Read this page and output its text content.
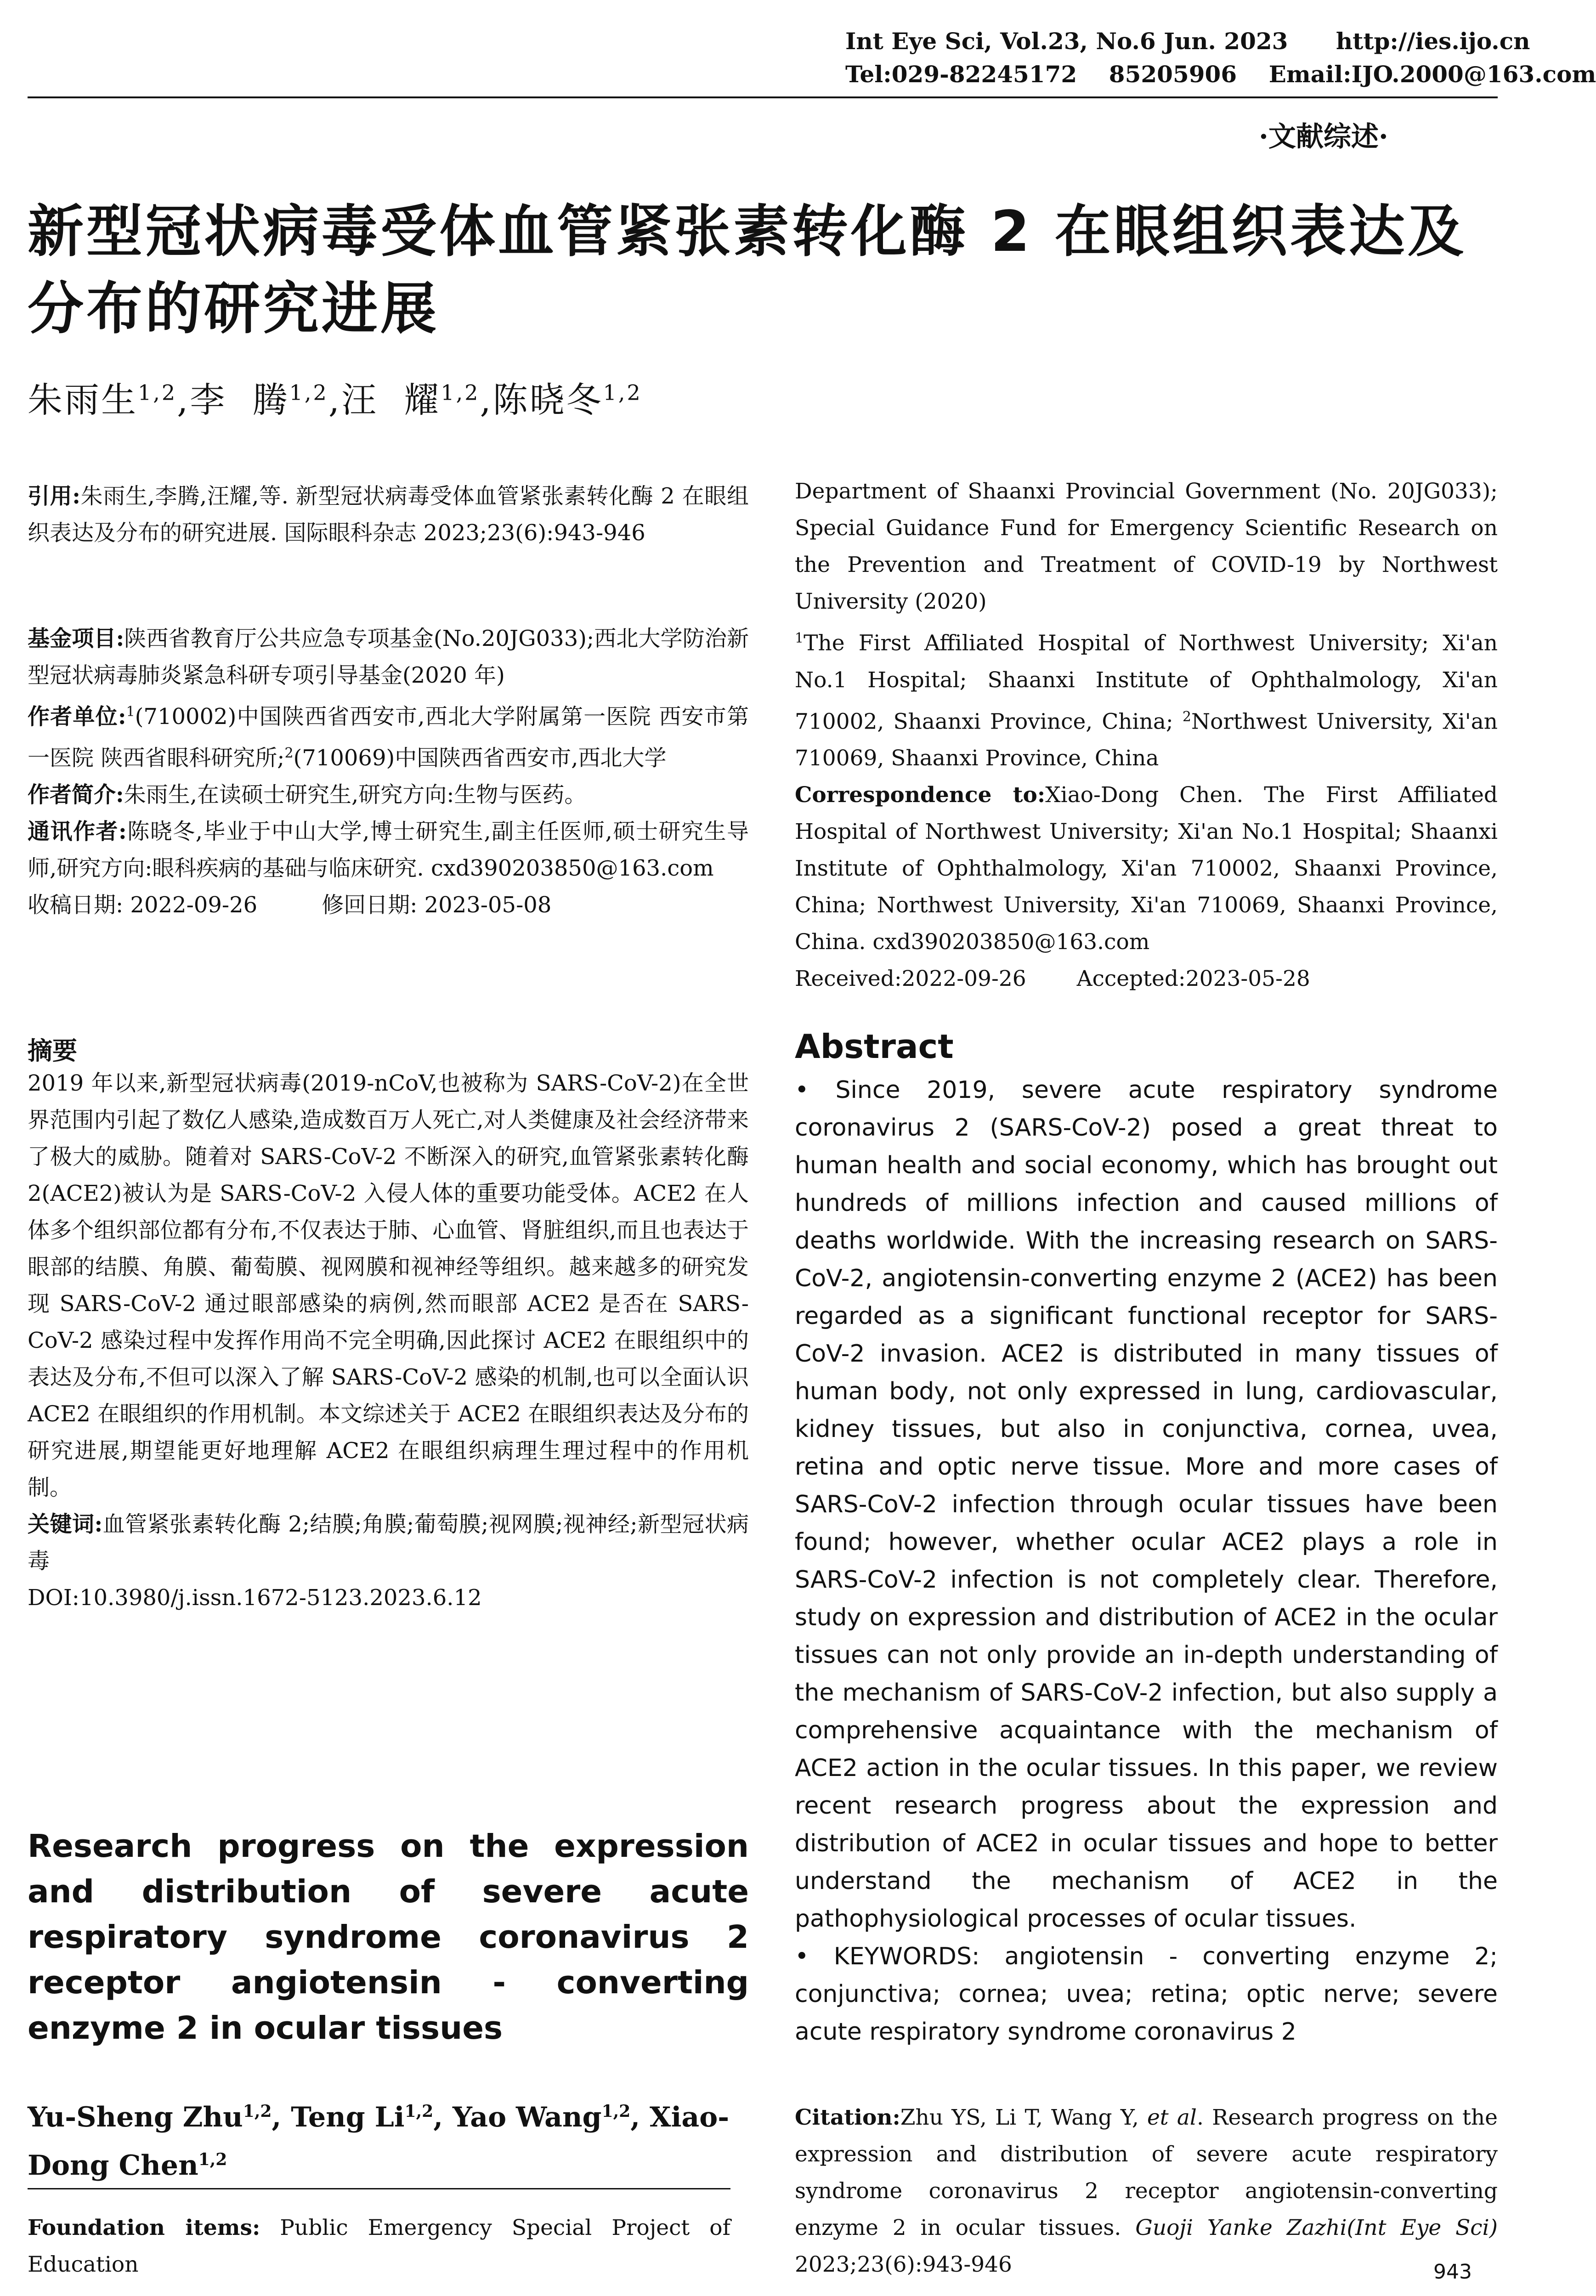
Int Eye Sci, Vol.23, No.6 Jun. 2023      http://ies.ijo.cn
Tel:029-82245172    85205906    Email:IJO.2000@163.com
·文献综述·
新型冠状病毒受体血管紧张素转化酶 2 在眼组织表达及分布的研究进展
朱雨生$^{1,2}$,李  腾$^{1,2}$,汪  耀$^{1,2}$,陈晓冬$^{1,2}$
引用:朱雨生,李腾,汪耀,等. 新型冠状病毒受体血管紧张素转化酶 2 在眼组织表达及分布的研究进展. 国际眼科杂志 2023;23(6):943-946
基金项目:陕西省教育厅公共应急专项基金(No.20JG033);西北大学防治新型冠状病毒肺炎紧急科研专项引导基金(2020 年)
作者单位:$^1$(710002)中国陕西省西安市,西北大学附属第一医院 西安市第一医院 陕西省眼科研究所;$^2$(710069)中国陕西省西安市,西北大学
作者简介:朱雨生,在读硕士研究生,研究方向:生物与医药。
通讯作者:陈晓冬,毕业于中山大学,博士研究生,副主任医师,硕士研究生导师,研究方向:眼科疾病的基础与临床研究. cxd390203850@163.com
收稿日期: 2022-09-26	修回日期: 2023-05-08
摘要
2019 年以来,新型冠状病毒(2019-nCoV,也被称为 SARS-CoV-2)在全世界范围内引起了数亿人感染,造成数百万人死亡,对人类健康及社会经济带来了极大的威胁。随着对 SARS-CoV-2 不断深入的研究,血管紧张素转化酶 2(ACE2)被认为是 SARS-CoV-2 入侵人体的重要功能受体。ACE2 在人体多个组织部位都有分布,不仅表达于肺、心血管、肾脏组织,而且也表达于眼部的结膜、角膜、葡萄膜、视网膜和视神经等组织。越来越多的研究发现 SARS-CoV-2 通过眼部感染的病例,然而眼部 ACE2 是否在 SARS-CoV-2 感染过程中发挥作用尚不完全明确,因此探讨 ACE2 在眼组织中的表达及分布,不但可以深入了解 SARS-CoV-2 感染的机制,也可以全面认识 ACE2 在眼组织的作用机制。本文综述关于 ACE2 在眼组织表达及分布的研究进展,期望能更好地理解 ACE2 在眼组织病理生理过程中的作用机制。
关键词:血管紧张素转化酶 2;结膜;角膜;葡萄膜;视网膜;视神经;新型冠状病毒
DOI:10.3980/j.issn.1672-5123.2023.6.12
Research progress on the expression and distribution of severe acute respiratory syndrome coronavirus 2 receptor angiotensin - converting enzyme 2 in ocular tissues
Yu-Sheng Zhu$^{1,2}$, Teng Li$^{1,2}$, Yao Wang$^{1,2}$, Xiao-Dong Chen$^{1,2}$
Foundation items: Public Emergency Special Project of Education
Department of Shaanxi Provincial Government (No. 20JG033); Special Guidance Fund for Emergency Scientific Research on the Prevention and Treatment of COVID-19 by Northwest University (2020)
$^1$The First Affiliated Hospital of Northwest University; Xi'an No.1 Hospital; Shaanxi Institute of Ophthalmology, Xi'an 710002, Shaanxi Province, China; $^2$Northwest University, Xi'an 710069, Shaanxi Province, China
Correspondence to:Xiao-Dong Chen. The First Affiliated Hospital of Northwest University; Xi'an No.1 Hospital; Shaanxi Institute of Ophthalmology, Xi'an 710002, Shaanxi Province, China; Northwest University, Xi'an 710069, Shaanxi Province, China. cxd390203850@163.com
Received:2022-09-26 Accepted:2023-05-28
Abstract
• Since 2019, severe acute respiratory syndrome coronavirus 2 (SARS-CoV-2) posed a great threat to human health and social economy, which has brought out hundreds of millions infection and caused millions of deaths worldwide. With the increasing research on SARS-CoV-2, angiotensin-converting enzyme 2 (ACE2) has been regarded as a significant functional receptor for SARS-CoV-2 invasion. ACE2 is distributed in many tissues of human body, not only expressed in lung, cardiovascular, kidney tissues, but also in conjunctiva, cornea, uvea, retina and optic nerve tissue. More and more cases of SARS-CoV-2 infection through ocular tissues have been found; however, whether ocular ACE2 plays a role in SARS-CoV-2 infection is not completely clear. Therefore, study on expression and distribution of ACE2 in the ocular tissues can not only provide an in-depth understanding of the mechanism of SARS-CoV-2 infection, but also supply a comprehensive acquaintance with the mechanism of ACE2 action in the ocular tissues. In this paper, we review recent research progress about the expression and distribution of ACE2 in ocular tissues and hope to better understand the mechanism of ACE2 in the pathophysiological processes of ocular tissues.
• KEYWORDS: angiotensin - converting enzyme 2; conjunctiva; cornea; uvea; retina; optic nerve; severe acute respiratory syndrome coronavirus 2
Citation:Zhu YS, Li T, Wang Y, et al. Research progress on the expression and distribution of severe acute respiratory syndrome coronavirus 2 receptor angiotensin-converting enzyme 2 in ocular tissues. Guoji Yanke Zazhi(Int Eye Sci) 2023;23(6):943-946	943
